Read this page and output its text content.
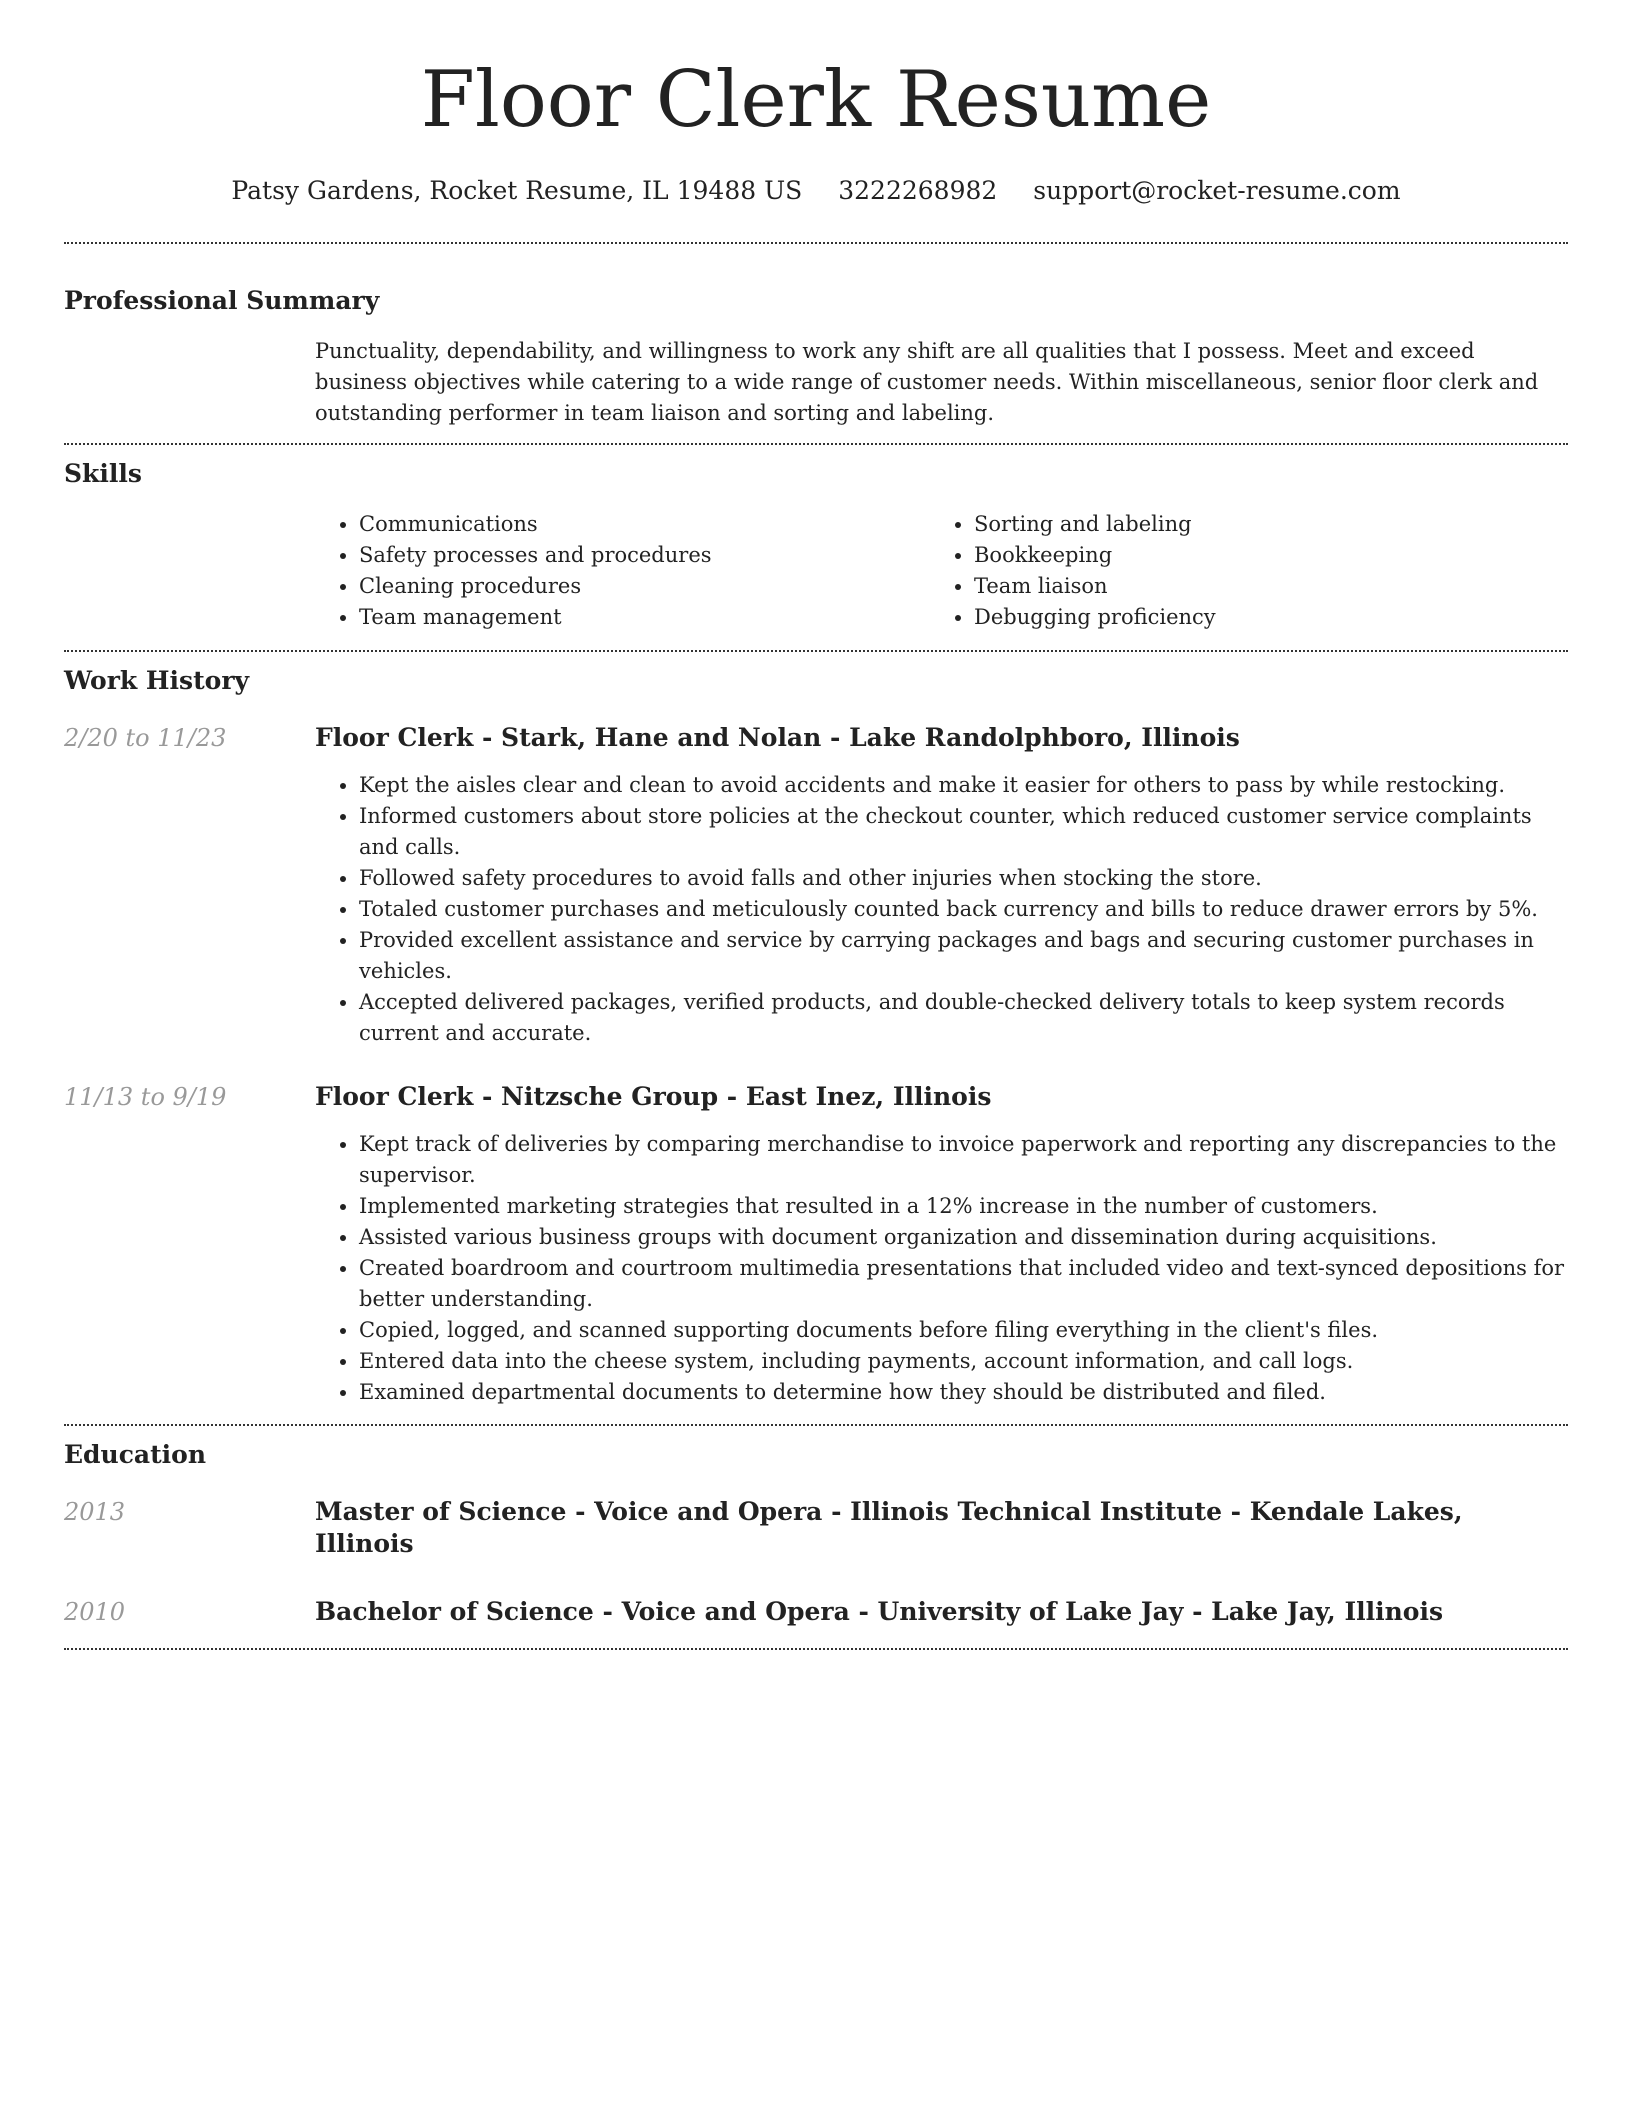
Floor Clerk Resume
Patsy Gardens, Rocket Resume, IL 19488 US 3222268982 support@rocket-resume.com
Professional Summary

Punctuality, dependability, and willingness to work any shift are all qualities that I possess. Meet and exceed business objectives while catering to a wide range of customer needs. Within miscellaneous, senior floor clerk and outstanding performer in team liaison and sorting and labeling.

Skills
• Communications
• Safety processes and procedures
• Cleaning procedures
• Team management
• Sorting and labeling
• Bookkeeping
• Team liaison
• Debugging proficiency
Work History
2/20 to 11/23	Floor Clerk - Stark, Hane and Nolan - Lake Randolphboro, Illinois
• Kept the aisles clear and clean to avoid accidents and make it easier for others to pass by while restocking.
• Informed customers about store policies at the checkout counter, which reduced customer service complaints and calls.
• Followed safety procedures to avoid falls and other injuries when stocking the store.
• Totaled customer purchases and meticulously counted back currency and bills to reduce drawer errors by 5%.
• Provided excellent assistance and service by carrying packages and bags and securing customer purchases in vehicles.
• Accepted delivered packages, verified products, and double-checked delivery totals to keep system records current and accurate.
11/13 to 9/19	Floor Clerk - Nitzsche Group - East Inez, Illinois
• Kept track of deliveries by comparing merchandise to invoice paperwork and reporting any discrepancies to the supervisor.
• Implemented marketing strategies that resulted in a 12% increase in the number of customers.
• Assisted various business groups with document organization and dissemination during acquisitions.
• Created boardroom and courtroom multimedia presentations that included video and text-synced depositions for better understanding.
• Copied, logged, and scanned supporting documents before filing everything in the client's files.
• Entered data into the cheese system, including payments, account information, and call logs.
• Examined departmental documents to determine how they should be distributed and filed.
Education
2013	Master of Science - Voice and Opera - Illinois Technical Institute - Kendale Lakes, Illinois
2010	Bachelor of Science - Voice and Opera - University of Lake Jay - Lake Jay, Illinois
